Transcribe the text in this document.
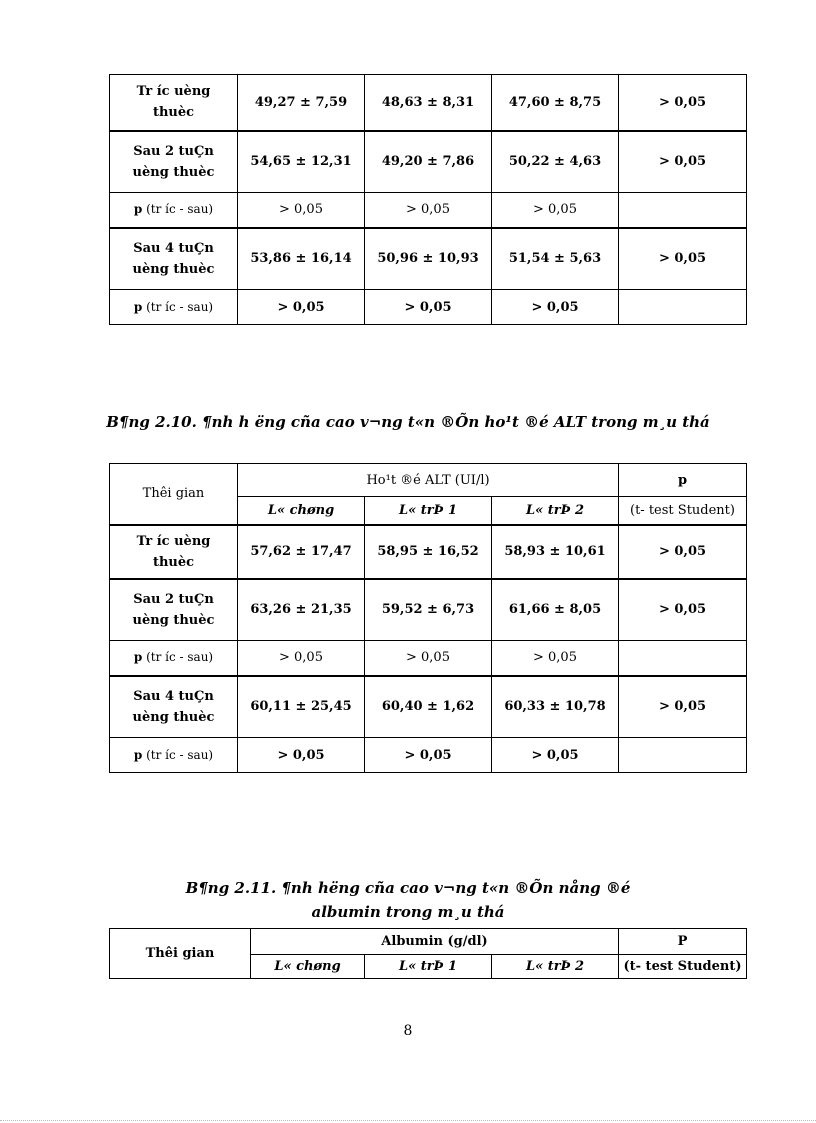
Tr íc uèng thuèc	49,27 ± 7,59	48,63 ± 8,31	47,60 ± 8,75	> 0,05
Sau 2 tuÇn uèng thuèc	54,65 ± 12,31	49,20 ± 7,86	50,22 ± 4,63	> 0,05
p (tr íc - sau)	> 0,05	> 0,05	> 0,05	
Sau 4 tuÇn uèng thuèc	53,86 ± 16,14	50,96 ± 10,93	51,54 ± 5,63	> 0,05
p (tr íc - sau)	> 0,05	> 0,05	> 0,05	
B¶ng 2.10. ¶nh h ëng cña cao v¬ng t«n ®Õn ho¹t ®é ALT trong m¸u thá
Thêi gian	Ho¹t ®é ALT (UI/l)			p
	L« chøng	L« trÞ 1	L« trÞ 2	(t- test Student)
Tr íc uèng thuèc	57,62 ± 17,47	58,95 ± 16,52	58,93 ± 10,61	> 0,05
Sau 2 tuÇn uèng thuèc	63,26 ± 21,35	59,52 ± 6,73	61,66 ± 8,05	> 0,05
p (tr íc - sau)	> 0,05	> 0,05	> 0,05	
Sau 4 tuÇn uèng thuèc	60,11 ± 25,45	60,40 ± 1,62	60,33 ± 10,78	> 0,05
p (tr íc - sau)	> 0,05	> 0,05	> 0,05	
B¶ng 2.11. ¶nh hëng cña cao v¬ng t«n ®Õn nång ®é
albumin trong m¸u thá
Thêi gian	Albumin (g/dl)			P
	L« chøng	L« trÞ 1	L« trÞ 2	(t- test Student)
8
